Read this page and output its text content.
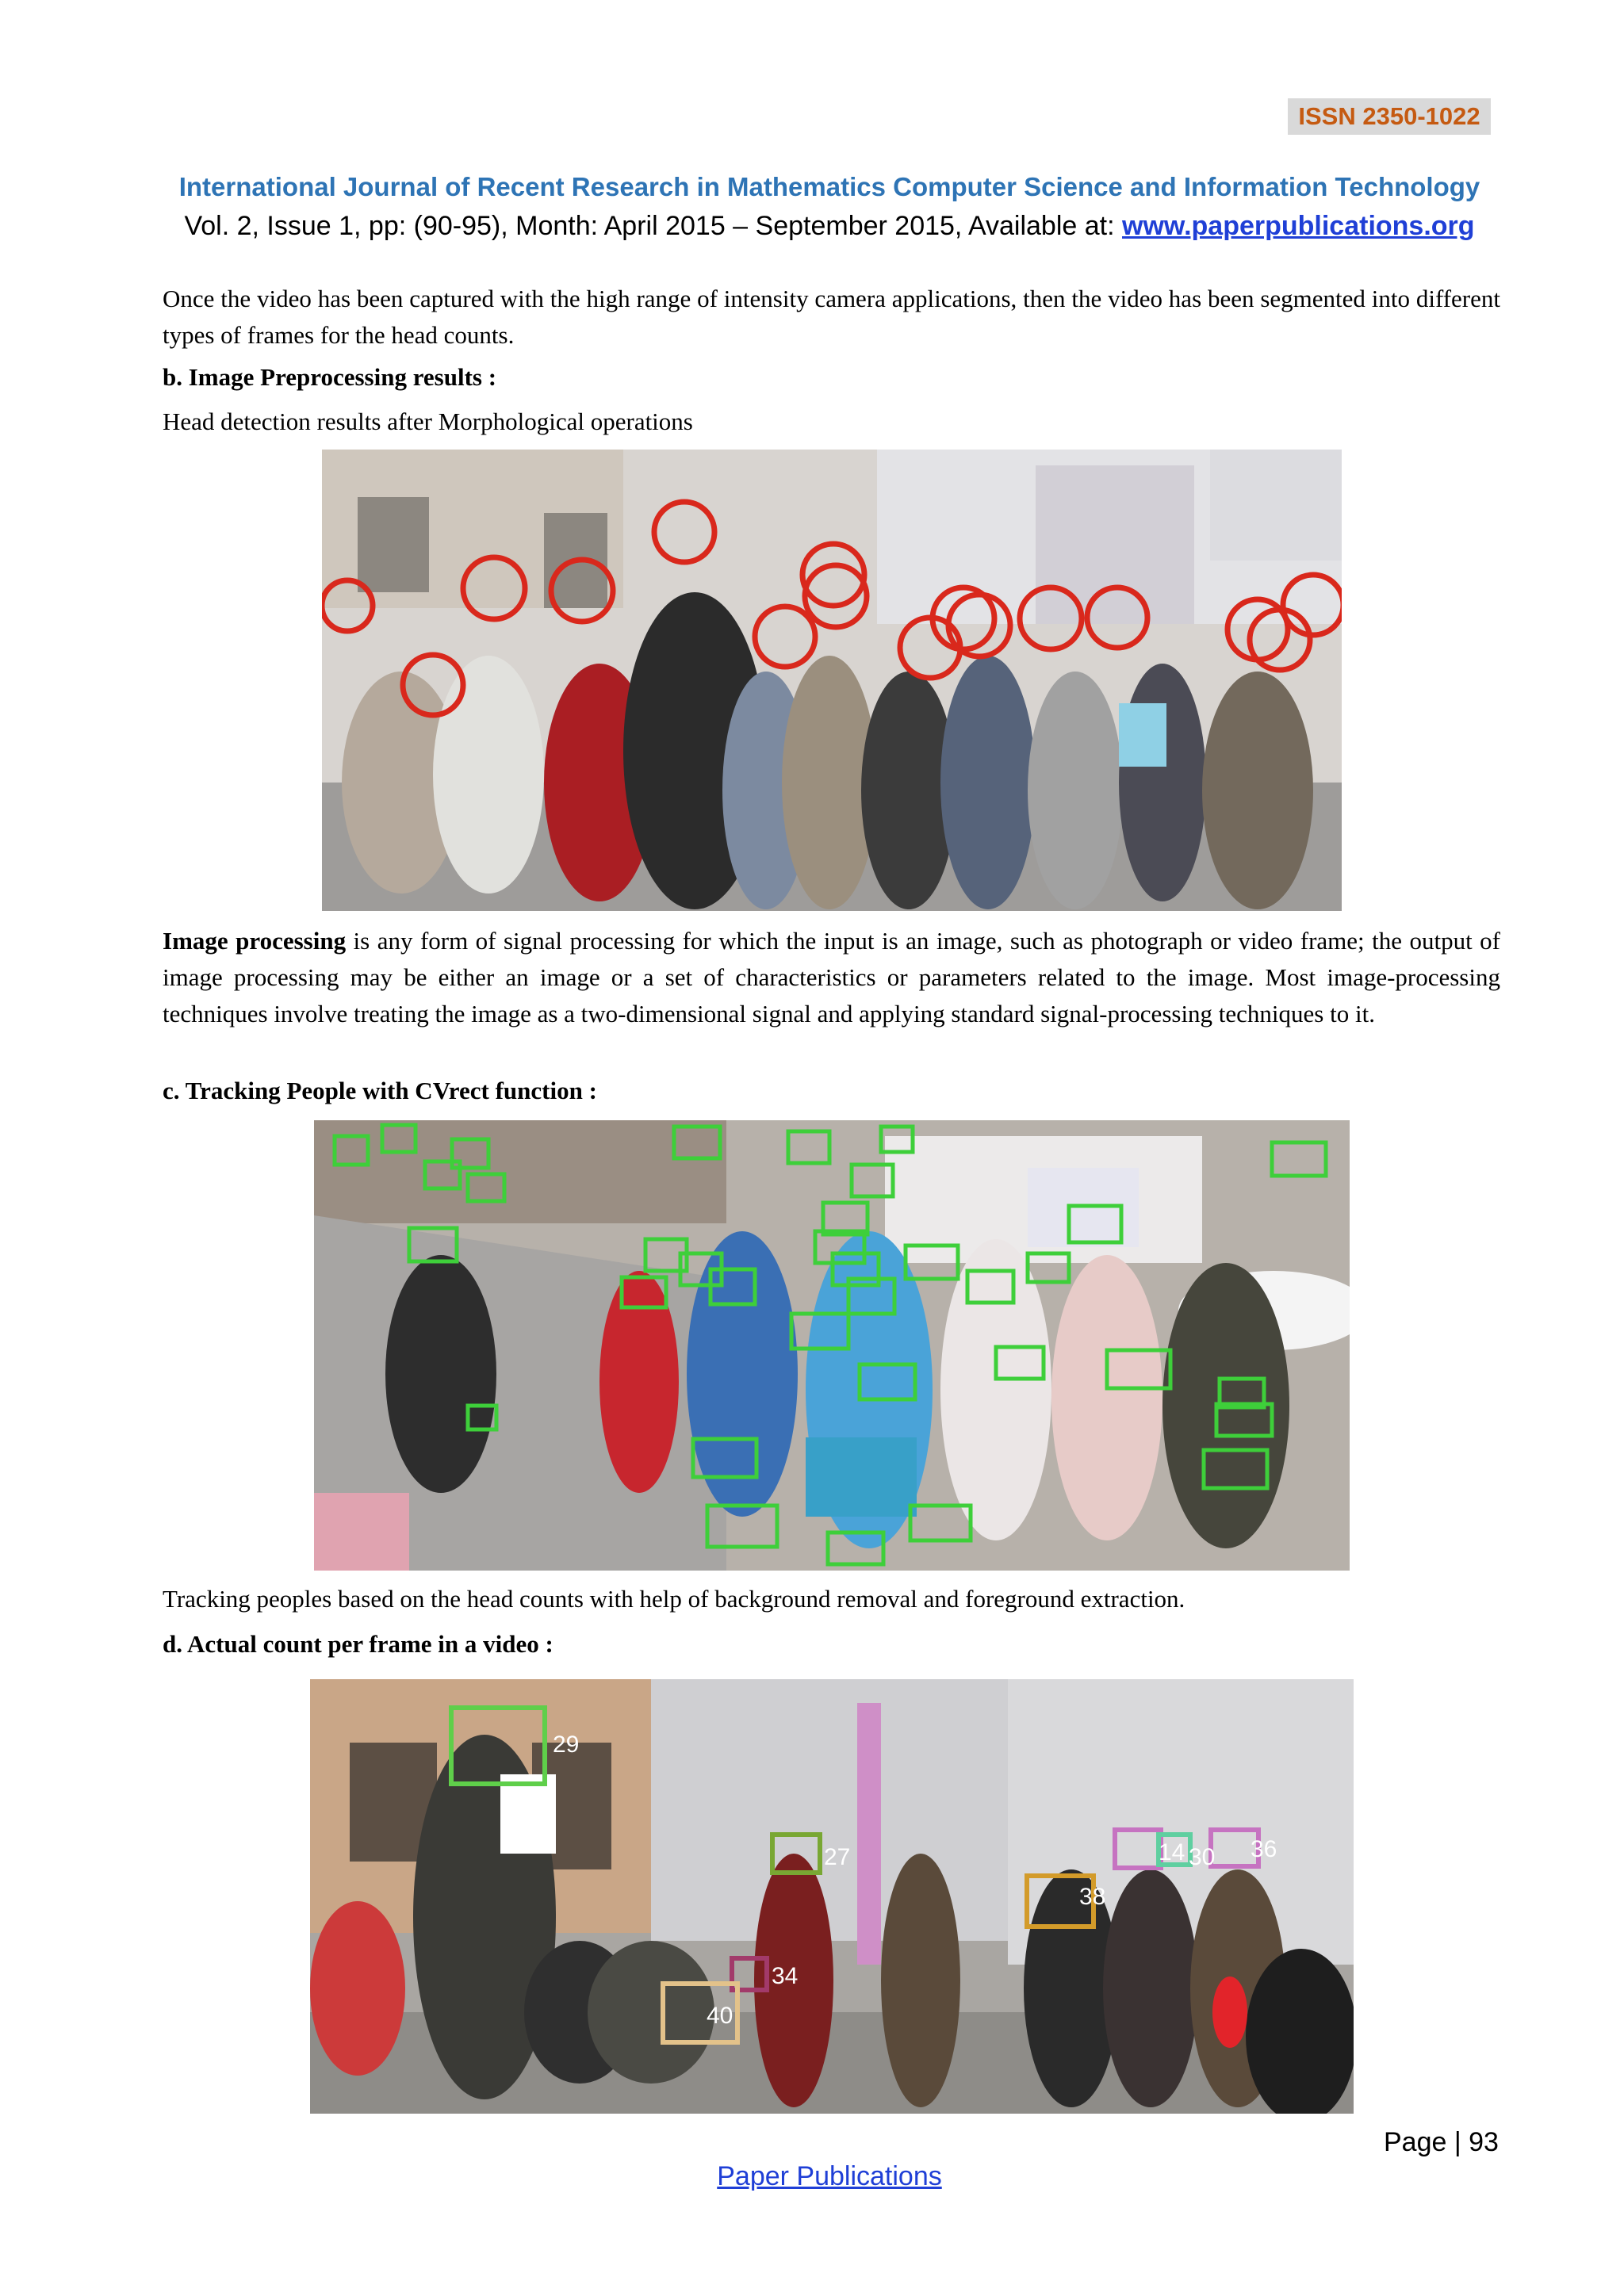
ISSN 2350-1022
International Journal of Recent Research in Mathematics Computer Science and Information Technology
Vol. 2, Issue 1, pp: (90-95), Month: April 2015 – September 2015, Available at: www.paperpublications.org
Once the video has been captured with the high range of intensity camera applications, then the video has been segmented into different types of frames for the head counts.
b. Image Preprocessing results :
Head detection results after Morphological operations
Image processing is any form of signal processing for which the input is an image, such as photograph or video frame; the output of image processing may be either an image or a set of characteristics or parameters related to the image. Most image-processing techniques involve treating the image as a two-dimensional signal and applying standard signal-processing techniques to it.
c. Tracking People with CVrect function :
Tracking peoples based on the head counts with help of background removal and foreground extraction.
d. Actual count per frame in a video :
29
27
38
14 30 36
34
40
Page | 93
Paper Publications
